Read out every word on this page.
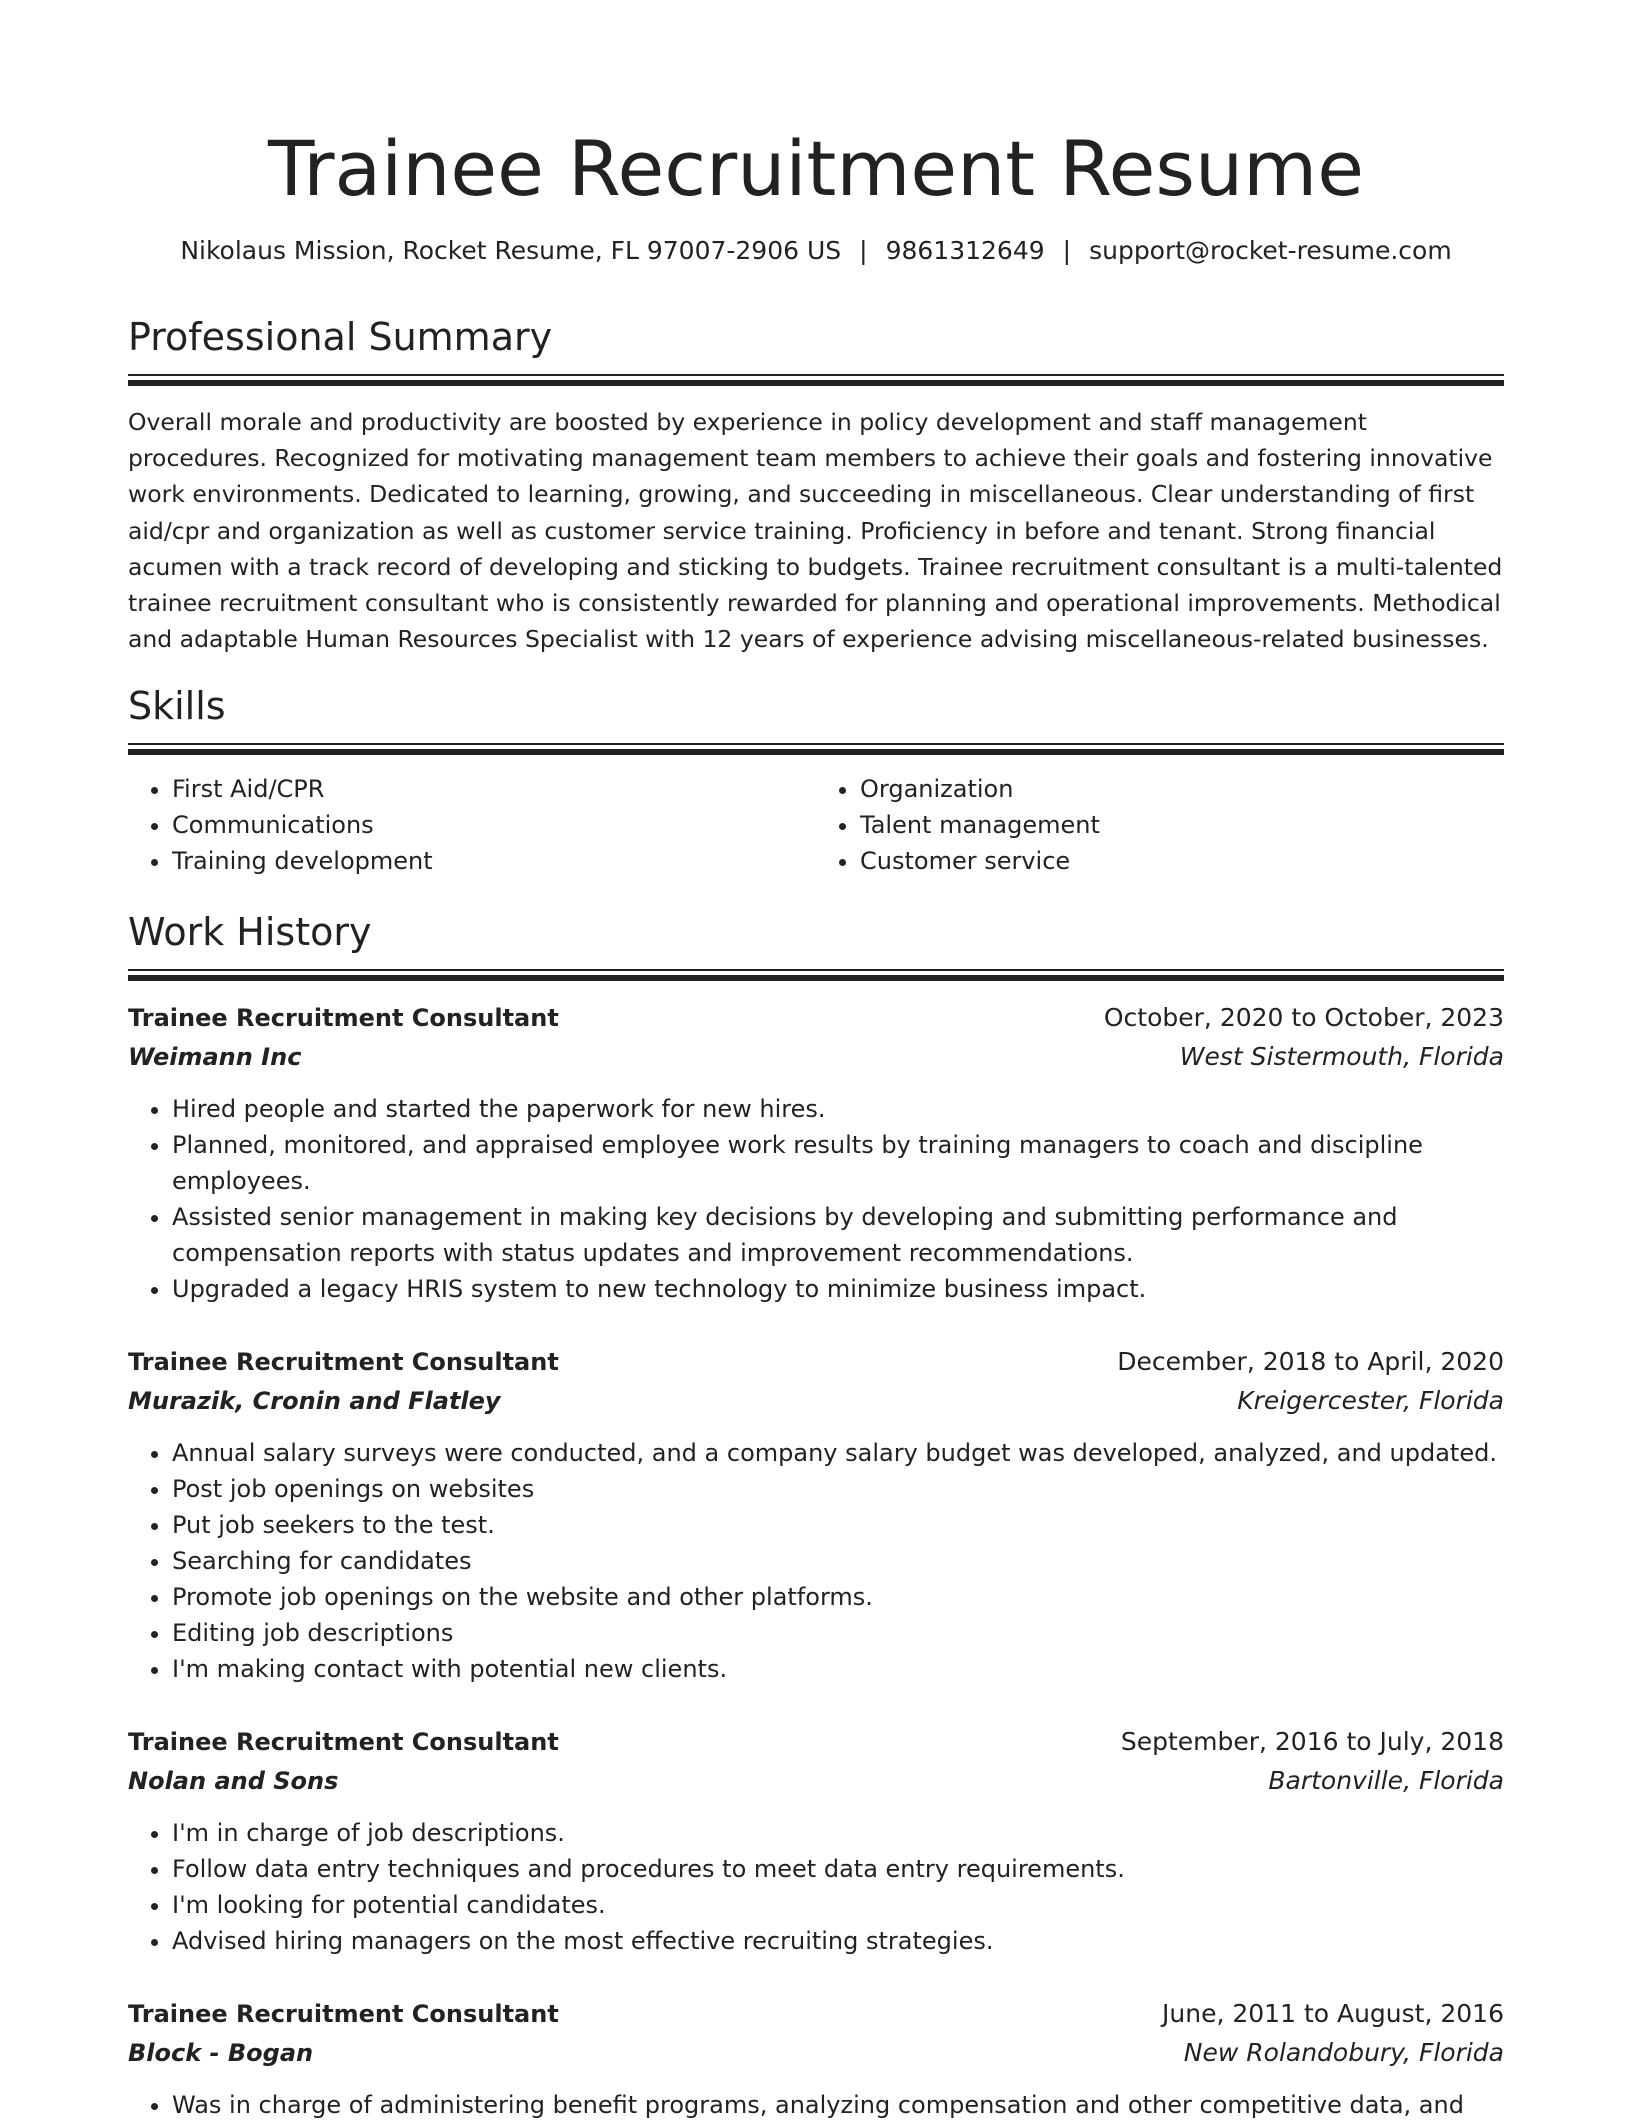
Trainee Recruitment Resume
Nikolaus Mission, Rocket Resume, FL 97007-2906 US | 9861312649 | support@rocket-resume.com
Professional Summary

Overall morale and productivity are boosted by experience in policy development and staff management procedures. Recognized for motivating management team members to achieve their goals and fostering innovative work environments. Dedicated to learning, growing, and succeeding in miscellaneous. Clear understanding of first aid/cpr and organization as well as customer service training. Proficiency in before and tenant. Strong financial acumen with a track record of developing and sticking to budgets. Trainee recruitment consultant is a multi-talented trainee recruitment consultant who is consistently rewarded for planning and operational improvements. Methodical and adaptable Human Resources Specialist with 12 years of experience advising miscellaneous-related businesses.

Skills
• First Aid/CPR
• Communications
• Training development
• Organization
• Talent management
• Customer service
Work History
Trainee Recruitment Consultant	October, 2020 to October, 2023
Weimann Inc	West Sistermouth, Florida
• Hired people and started the paperwork for new hires.
• Planned, monitored, and appraised employee work results by training managers to coach and discipline employees.
• Assisted senior management in making key decisions by developing and submitting performance and compensation reports with status updates and improvement recommendations.
• Upgraded a legacy HRIS system to new technology to minimize business impact.
Trainee Recruitment Consultant	December, 2018 to April, 2020
Murazik, Cronin and Flatley	Kreigercester, Florida
• Annual salary surveys were conducted, and a company salary budget was developed, analyzed, and updated.
• Post job openings on websites
• Put job seekers to the test.
• Searching for candidates
• Promote job openings on the website and other platforms.
• Editing job descriptions
• I'm making contact with potential new clients.
Trainee Recruitment Consultant	September, 2016 to July, 2018
Nolan and Sons	Bartonville, Florida
• I'm in charge of job descriptions.
• Follow data entry techniques and procedures to meet data entry requirements.
• I'm looking for potential candidates.
• Advised hiring managers on the most effective recruiting strategies.
Trainee Recruitment Consultant	June, 2011 to August, 2016
Block - Bogan	New Rolandobury, Florida
• Was in charge of administering benefit programs, analyzing compensation and other competitive data, and
